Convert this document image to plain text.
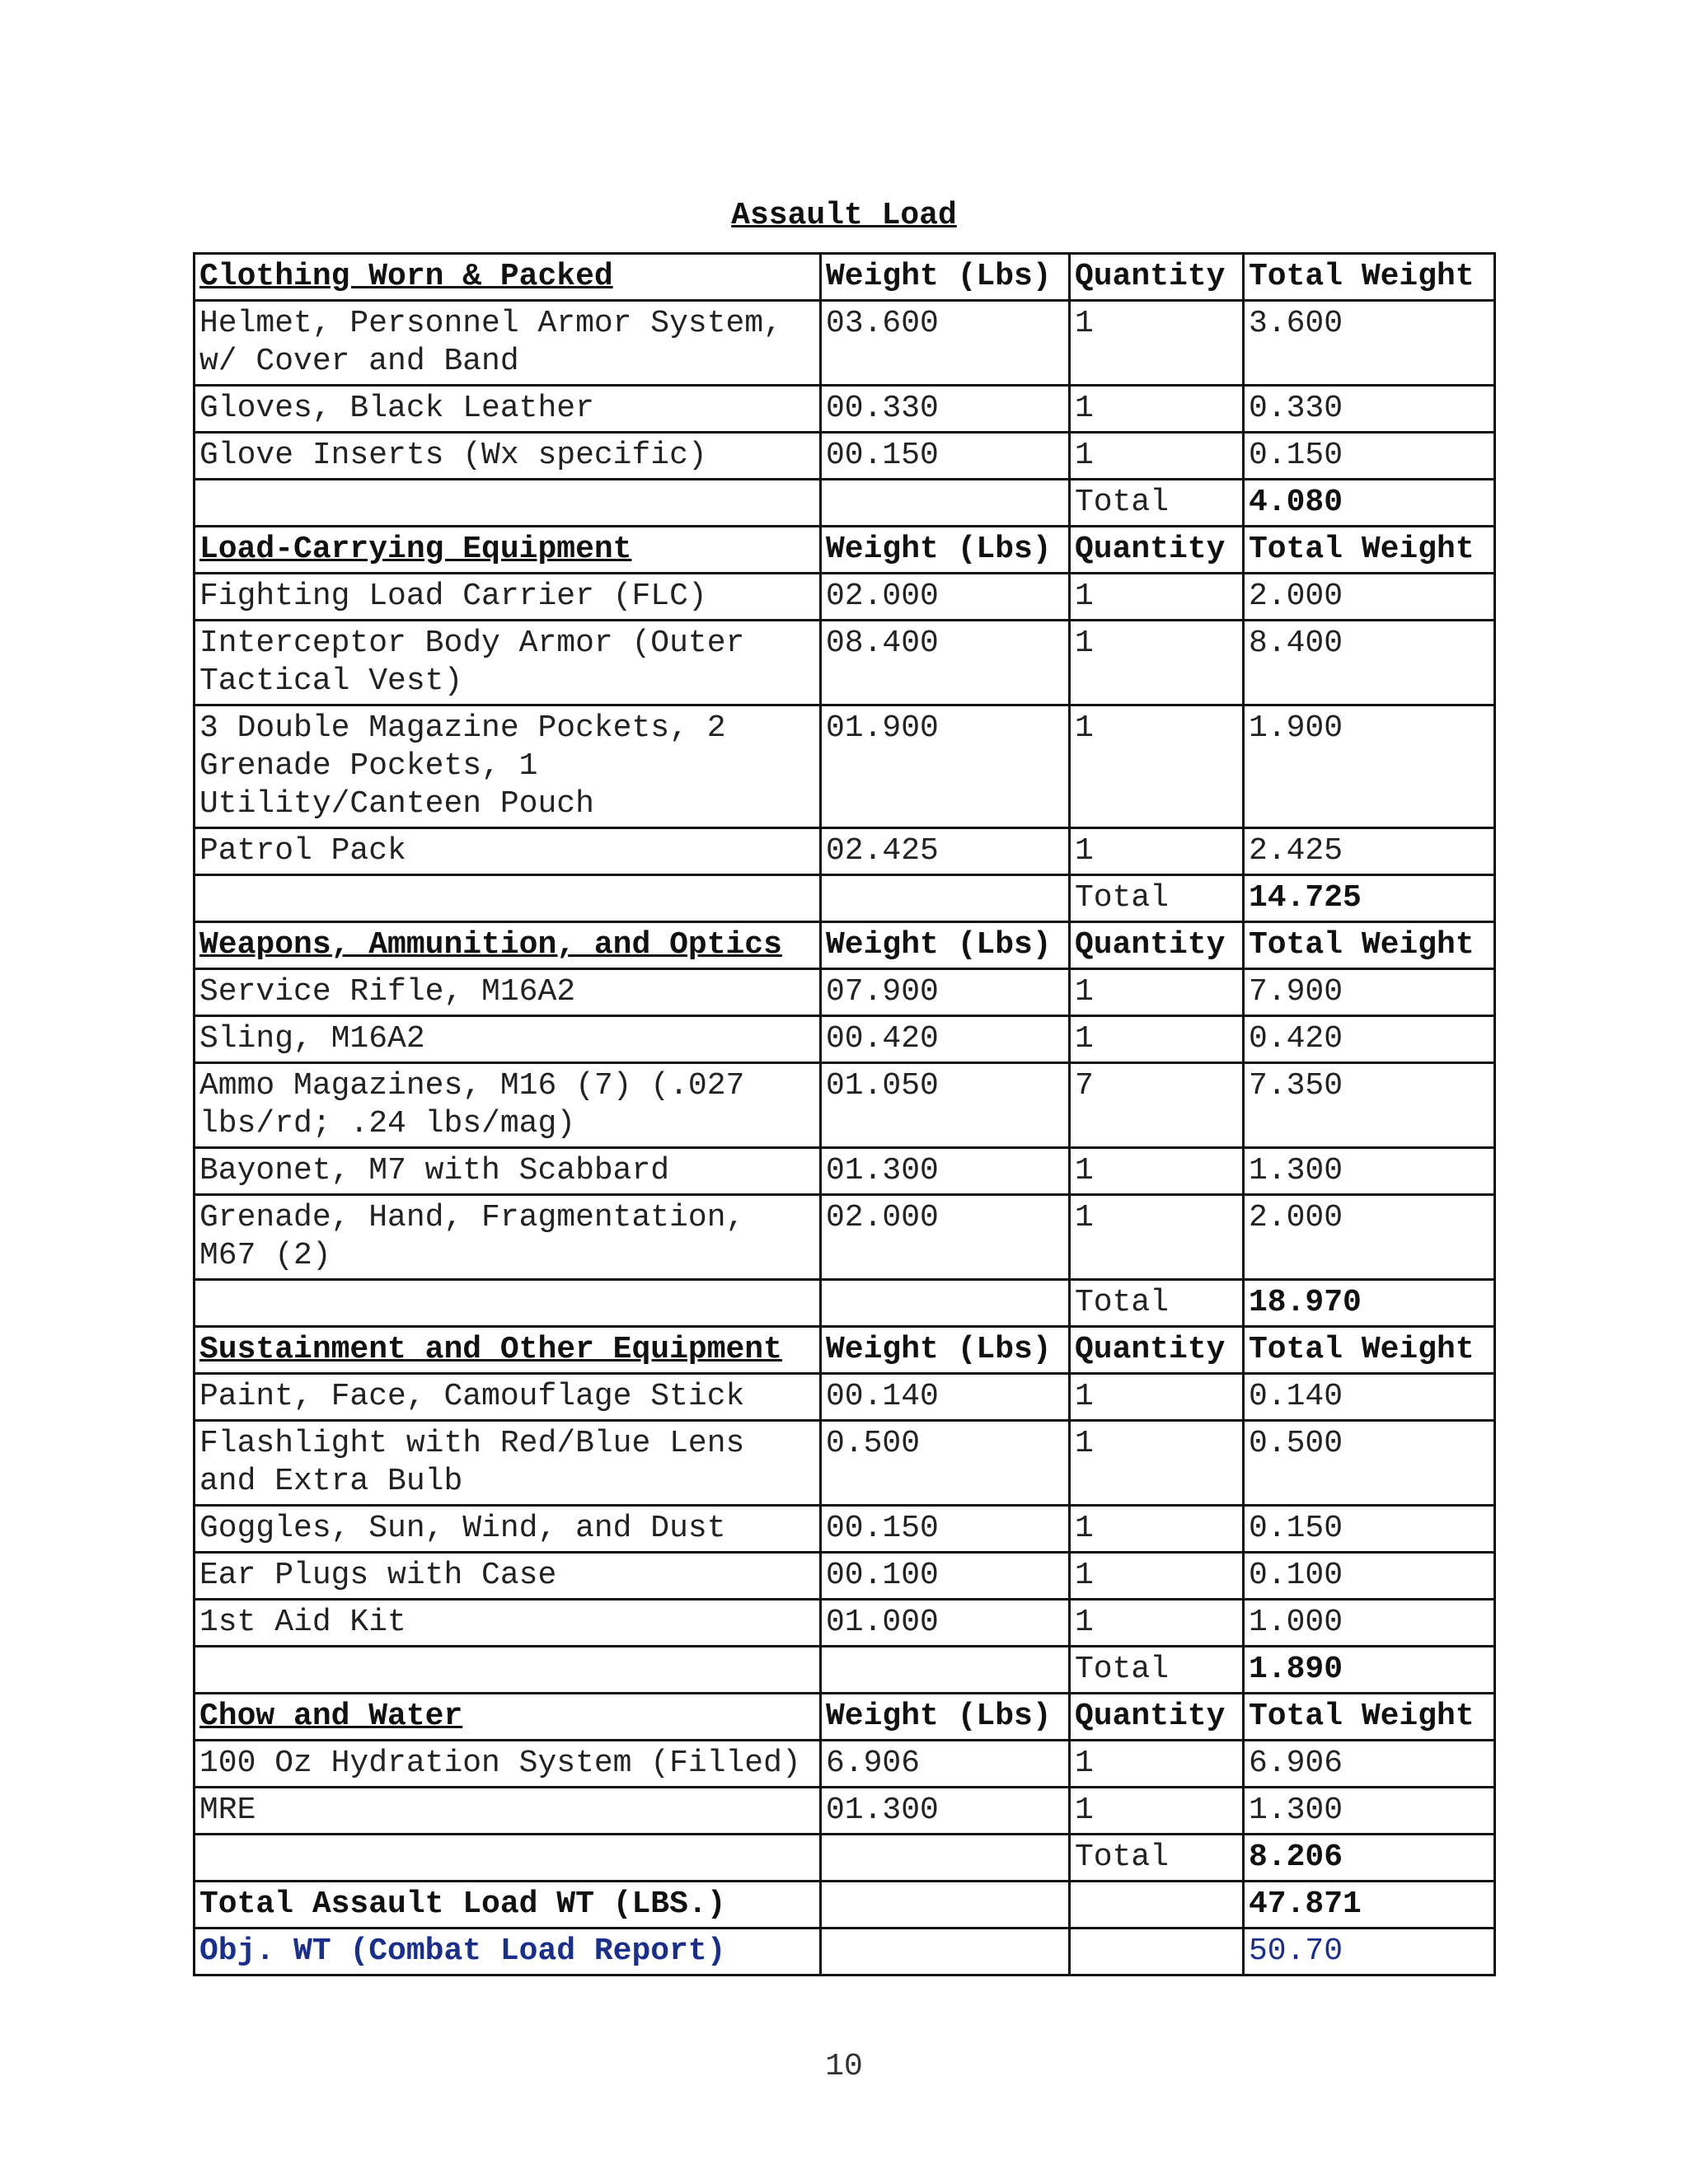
Assault Load
Clothing Worn & Packed	Weight (Lbs)	Quantity	Total Weight
Helmet, Personnel Armor System, w/ Cover and Band	03.600	1	3.600
Gloves, Black Leather	00.330	1	0.330
Glove Inserts (Wx specific)	00.150	1	0.150
		Total	4.080
Load-Carrying Equipment	Weight (Lbs)	Quantity	Total Weight
Fighting Load Carrier (FLC)	02.000	1	2.000
Interceptor Body Armor (Outer Tactical Vest)	08.400	1	8.400
3 Double Magazine Pockets, 2 Grenade Pockets, 1 Utility/Canteen Pouch	01.900	1	1.900
Patrol Pack	02.425	1	2.425
		Total	14.725
Weapons, Ammunition, and Optics	Weight (Lbs)	Quantity	Total Weight
Service Rifle, M16A2	07.900	1	7.900
Sling, M16A2	00.420	1	0.420
Ammo Magazines, M16 (7) (.027 lbs/rd; .24 lbs/mag)	01.050	7	7.350
Bayonet, M7 with Scabbard	01.300	1	1.300
Grenade, Hand, Fragmentation, M67 (2)	02.000	1	2.000
		Total	18.970
Sustainment and Other Equipment	Weight (Lbs)	Quantity	Total Weight
Paint, Face, Camouflage Stick	00.140	1	0.140
Flashlight with Red/Blue Lens and Extra Bulb	0.500	1	0.500
Goggles, Sun, Wind, and Dust	00.150	1	0.150
Ear Plugs with Case	00.100	1	0.100
1st Aid Kit	01.000	1	1.000
		Total	1.890
Chow and Water	Weight (Lbs)	Quantity	Total Weight
100 Oz Hydration System (Filled)	6.906	1	6.906
MRE	01.300	1	1.300
		Total	8.206
Total Assault Load WT (LBS.)			47.871
Obj. WT (Combat Load Report)			50.70
10
